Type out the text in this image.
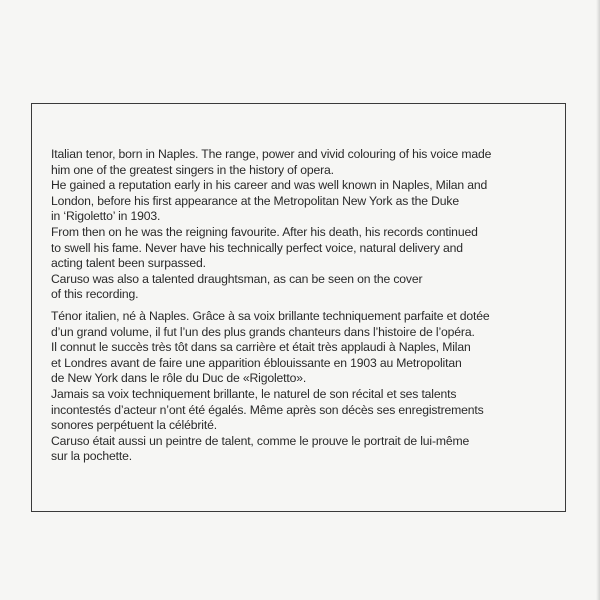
Italian tenor, born in Naples. The range, power and vivid colouring of his voice made
him one of the greatest singers in the history of opera.
He gained a reputation early in his career and was well known in Naples, Milan and
London, before his first appearance at the Metropolitan New York as the Duke
in ‘Rigoletto’ in 1903.
From then on he was the reigning favourite. After his death, his records continued
to swell his fame. Never have his technically perfect voice, natural delivery and
acting talent been surpassed.
Caruso was also a talented draughtsman, as can be seen on the cover
of this recording.
Ténor italien, né à Naples. Grâce à sa voix brillante techniquement parfaite et dotée
d’un grand volume, il fut l’un des plus grands chanteurs dans l’histoire de l’opéra.
Il connut le succès très tôt dans sa carrière et était très applaudi à Naples, Milan
et Londres avant de faire une apparition éblouissante en 1903 au Metropolitan
de New York dans le rôle du Duc de «Rigoletto».
Jamais sa voix techniquement brillante, le naturel de son récital et ses talents
incontestés d’acteur n’ont été égalés. Même après son décès ses enregistrements
sonores perpétuent la célébrité.
Caruso était aussi un peintre de talent, comme le prouve le portrait de lui-même
sur la pochette.
